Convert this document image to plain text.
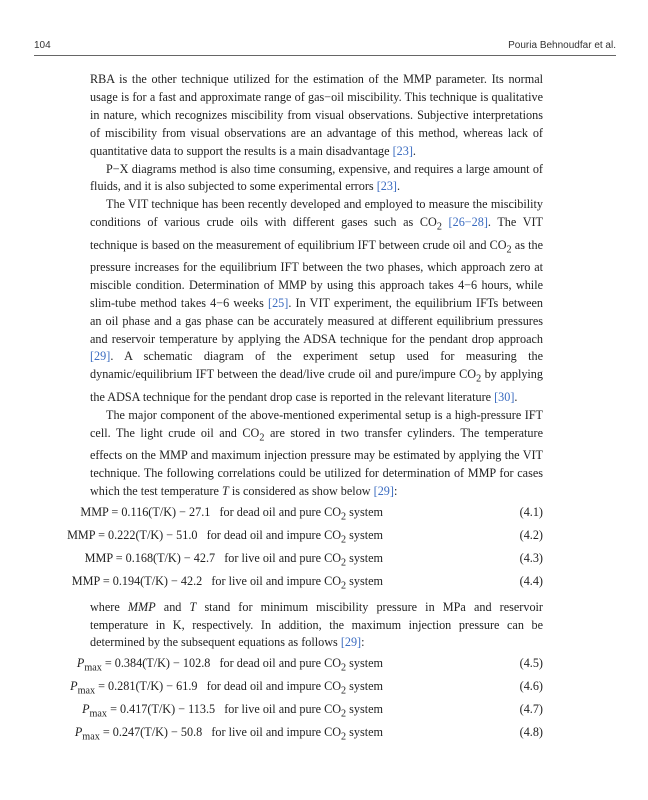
104	Pouria Behnoudfar et al.

RBA is the other technique utilized for the estimation of the MMP parameter. Its normal usage is for a fast and approximate range of gas−oil miscibility. This technique is qualitative in nature, which recognizes miscibility from visual observations. Subjective interpretations of miscibility from visual observations are an advantage of this method, whereas lack of quantitative data to support the results is a main disadvantage [23].

P−X diagrams method is also time consuming, expensive, and requires a large amount of fluids, and it is also subjected to some experimental errors [23].

The VIT technique has been recently developed and employed to measure the miscibility conditions of various crude oils with different gases such as $CO_2$ [26−28]. The VIT technique is based on the measurement of equilibrium IFT between crude oil and $CO_2$ as the pressure increases for the equilibrium IFT between the two phases, which approach zero at miscible condition. Determination of MMP by using this approach takes 4−6 hours, while slim-tube method takes 4−6 weeks [25]. In VIT experiment, the equilibrium IFTs between an oil phase and a gas phase can be accurately measured at different equilibrium pressures and reservoir temperature by applying the ADSA technique for the pendant drop approach [29]. A schematic diagram of the experiment setup used for measuring the dynamic/equilibrium IFT between the dead/live crude oil and pure/impure $CO_2$ by applying the ADSA technique for the pendant drop case is reported in the relevant literature [30].

The major component of the above-mentioned experimental setup is a high-pressure IFT cell. The light crude oil and $CO_2$ are stored in two transfer cylinders. The temperature effects on the MMP and maximum injection pressure may be estimated by applying the VIT technique. The following correlations could be utilized for determination of MMP for cases which the test temperature T is considered as show below [29]:

MMP = 0.116(T/K) − 27.1 for dead oil and pure $CO_2$ system	(4.1)
MMP = 0.222(T/K) − 51.0 for dead oil and impure $CO_2$ system	(4.2)
MMP = 0.168(T/K) − 42.7 for live oil and pure $CO_2$ system	(4.3)
MMP = 0.194(T/K) − 42.2 for live oil and impure $CO_2$ system	(4.4)

where MMP and T stand for minimum miscibility pressure in MPa and reservoir temperature in K, respectively. In addition, the maximum injection pressure can be determined by the subsequent equations as follows [29]:

$P_{max} = 0.384(T/K) - 102.8$ for dead oil and pure $CO_2$ system	(4.5)
$P_{max} = 0.281(T/K) - 61.9$ for dead oil and impure $CO_2$ system	(4.6)
$P_{max} = 0.417(T/K) - 113.5$ for live oil and pure $CO_2$ system	(4.7)
$P_{max} = 0.247(T/K) - 50.8$ for live oil and impure $CO_2$ system	(4.8)
